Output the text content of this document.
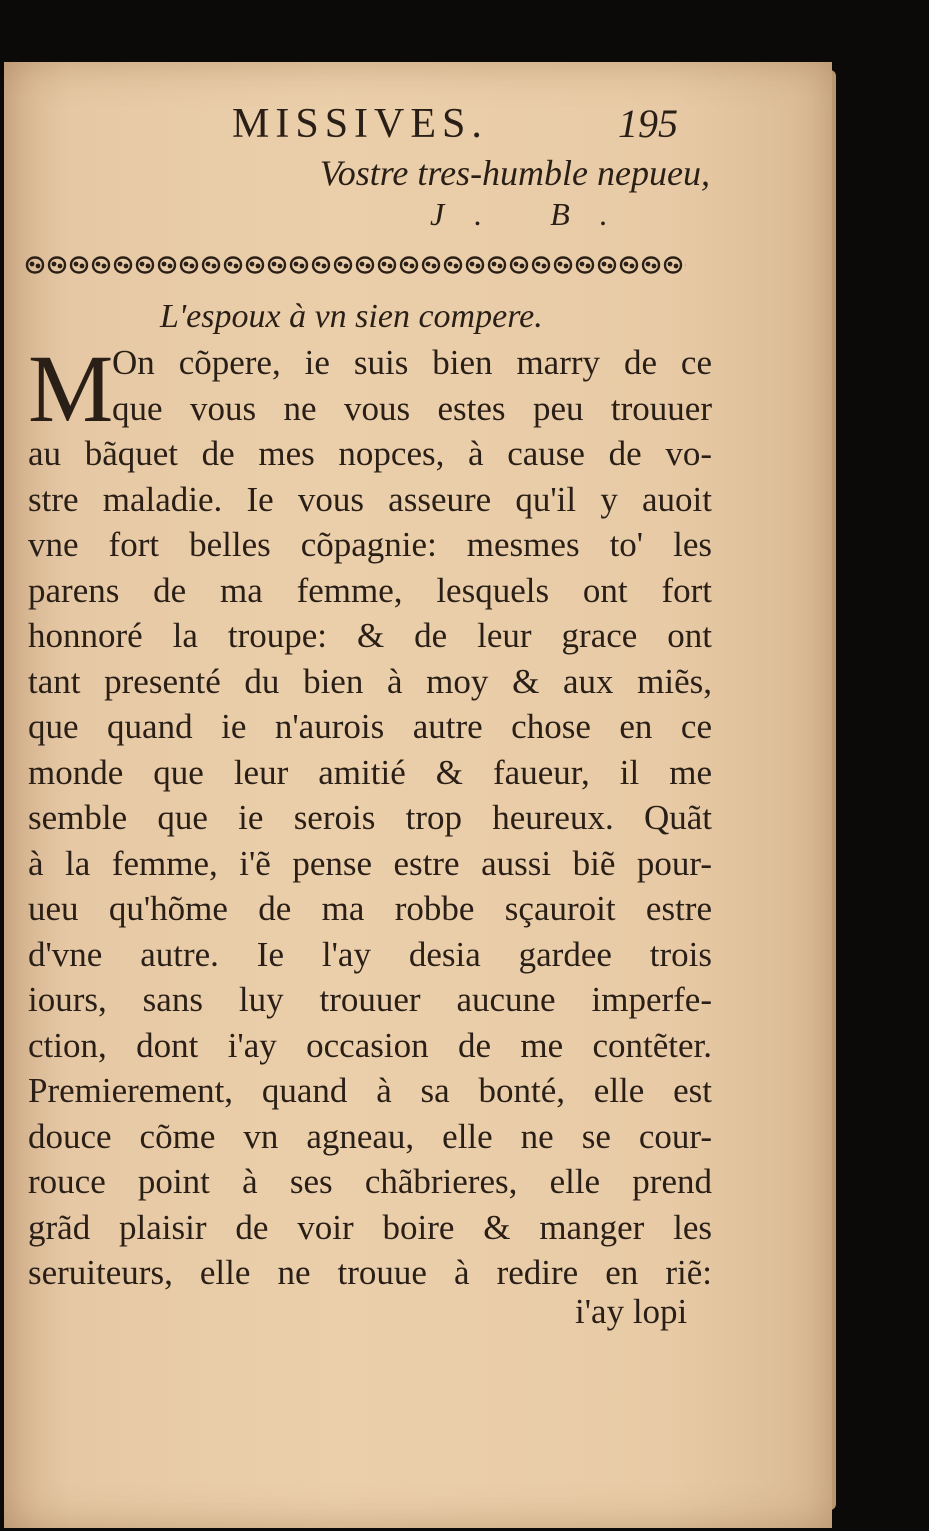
MISSIVES.	195
Vostre tres-humble nepueu,
J. B.
L'espoux à vn sien compere.
M
On cõpere, ie suis bien marry de ce
que vous ne vous estes peu trouuer
au bãquet de mes nopces, à cause de vo-
stre maladie. Ie vous asseure qu'il y auoit
vne fort belles cõpagnie: mesmes to' les
parens de ma femme, lesquels ont fort
honnoré la troupe: & de leur grace ont
tant presenté du bien à moy & aux miẽs,
que quand ie n'aurois autre chose en ce
monde que leur amitié & faueur, il me
semble que ie serois trop heureux. Quãt
à la femme, i'ẽ pense estre aussi biẽ pour-
ueu qu'hõme de ma robbe sçauroit estre
d'vne autre. Ie l'ay desia gardee trois
iours, sans luy trouuer aucune imperfe-
ction, dont i'ay occasion de me contẽter.
Premierement, quand à sa bonté, elle est
douce cõme vn agneau, elle ne se cour-
rouce point à ses chãbrieres, elle prend
grãd plaisir de voir boire & manger les
seruiteurs, elle ne trouue à redire en riẽ:
i'ay lopi
